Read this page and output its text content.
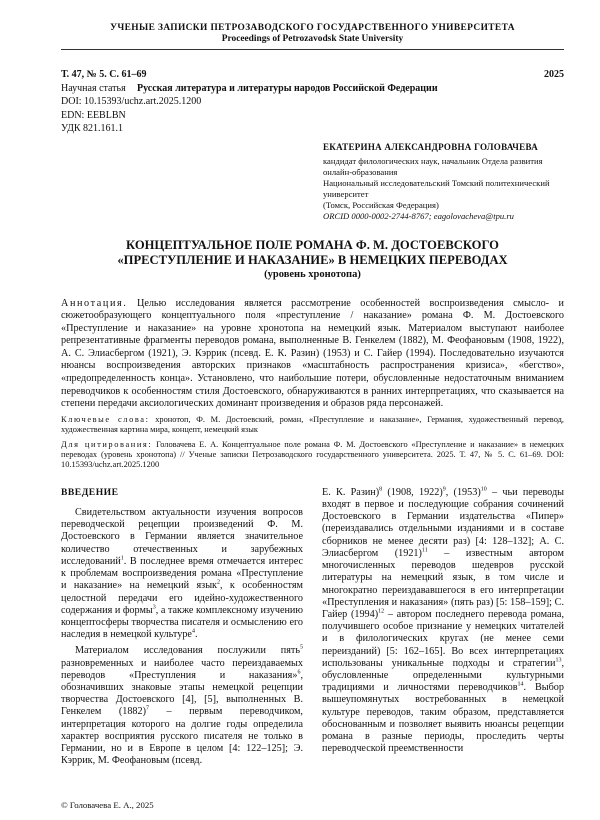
УЧЕНЫЕ ЗАПИСКИ ПЕТРОЗАВОДСКОГО ГОСУДАРСТВЕННОГО УНИВЕРСИТЕТА
Proceedings of Petrozavodsk State University
Т. 47, № 5. С. 61–69	2025
Научная статья	Русская литература и литературы народов Российской Федерации
DOI: 10.15393/uchz.art.2025.1200
EDN: EEBLBN
УДК 821.161.1
ЕКАТЕРИНА АЛЕКСАНДРОВНА ГОЛОВАЧЕВА
кандидат филологических наук, начальник Отдела развития онлайн-образования
Национальный исследовательский Томский политехнический университет
(Томск, Российская Федерация)
ORCID 0000-0002-2744-8767; eagolovacheva@tpu.ru
КОНЦЕПТУАЛЬНОЕ ПОЛЕ РОМАНА Ф. М. ДОСТОЕВСКОГО
«ПРЕСТУПЛЕНИЕ И НАКАЗАНИЕ» В НЕМЕЦКИХ ПЕРЕВОДАХ
(уровень хронотопа)
Аннотация. Целью исследования является рассмотрение особенностей воспроизведения смысло- и сюжетообразующего концептуального поля «преступление / наказание» романа Ф. М. Достоевского «Преступление и наказание» на уровне хронотопа на немецкий язык. Материалом выступают наиболее репрезентативные фрагменты переводов романа, выполненные В. Генкелем (1882), М. Феофановым (1908, 1922), А. С. Элиасбергом (1921), Э. Кэррик (псевд. Е. К. Разин) (1953) и С. Гайер (1994). Последовательно изучаются нюансы воспроизведения авторских признаков «масштабность распространения кризиса», «бегство», «предопределенность конца». Установлено, что наибольшие потери, обусловленные недостаточным вниманием переводчиков к особенностям стиля Достоевского, обнаруживаются в ранних интерпретациях, что сказывается на степени передачи аксиологических доминант произведения и образов ряда персонажей.
Ключевые слова: хронотоп, Ф. М. Достоевский, роман, «Преступление и наказание», Германия, художественный перевод, художественная картина мира, концепт, немецкий язык
Для цитирования: Головачева Е. А. Концептуальное поле романа Ф. М. Достоевского «Преступление и наказание» в немецких переводах (уровень хронотопа) // Ученые записки Петрозаводского государственного университета. 2025. Т. 47, № 5. С. 61–69. DOI: 10.15393/uchz.art.2025.1200
ВВЕДЕНИЕ

Свидетельством актуальности изучения вопросов переводческой рецепции произведений Ф. М. Достоевского в Германии является значительное количество отечественных и зарубежных исследований$^1$. В последнее время отмечается интерес к проблемам воспроизведения романа «Преступление и наказание» на немецкий язык$^2$, к особенностям целостной передачи его идейно-художественного содержания и формы$^3$, а также комплексному изучению концептосферы творчества писателя и осмыслению его наследия в немецкой культуре$^4$.

Материалом исследования послужили пять$^5$ разновременных и наиболее часто переиздаваемых переводов «Преступления и наказания»$^6$, обозначивших знаковые этапы немецкой рецепции творчества Достоевского [4], [5], выполненных В. Генкелем $(1882)^7$ – первым переводчиком, интерпретация которого на долгие годы определила характер восприятия русского писателя не только в Германии, но и в Европе в целом [4: 122–125]; Э. Кэррик, М. Феофановым (псевд.

Е. К. Разин)$^8$ (1908, 1922)$^9$, $(1953)^{10}$ – чьи переводы входят в первое и последующие собрания сочинений Достоевского в Германии издательства «Пипер» (переиздавались отдельными изданиями и в составе сборников не менее десяти раз) [4: 128–132]; А. С. Элиасбергом $(1921)^{11}$ – известным автором многочисленных переводов шедевров русской литературы на немецкий язык, в том числе и многократно переиздававшегося в его интерпретации «Преступления и наказания» (пять раз) [5: 158–159]; С. Гайер $(1994)^{12}$ – автором последнего перевода романа, получившего особое признание у немецких читателей и в филологических кругах (не менее семи переизданий) [5: 162–165]. Во всех интерпретациях использованы уникальные подходы и стратегии$^{13}$, обусловленные определенными культурными традициями и личностями переводчиков$^{14}$. Выбор вышеупомянутых востребованных в немецкой культуре переводов, таким образом, представляется обоснованным и позволяет выявить нюансы рецепции романа в разные периоды, проследить черты переводческой преемственности

© Головачева Е. А., 2025
